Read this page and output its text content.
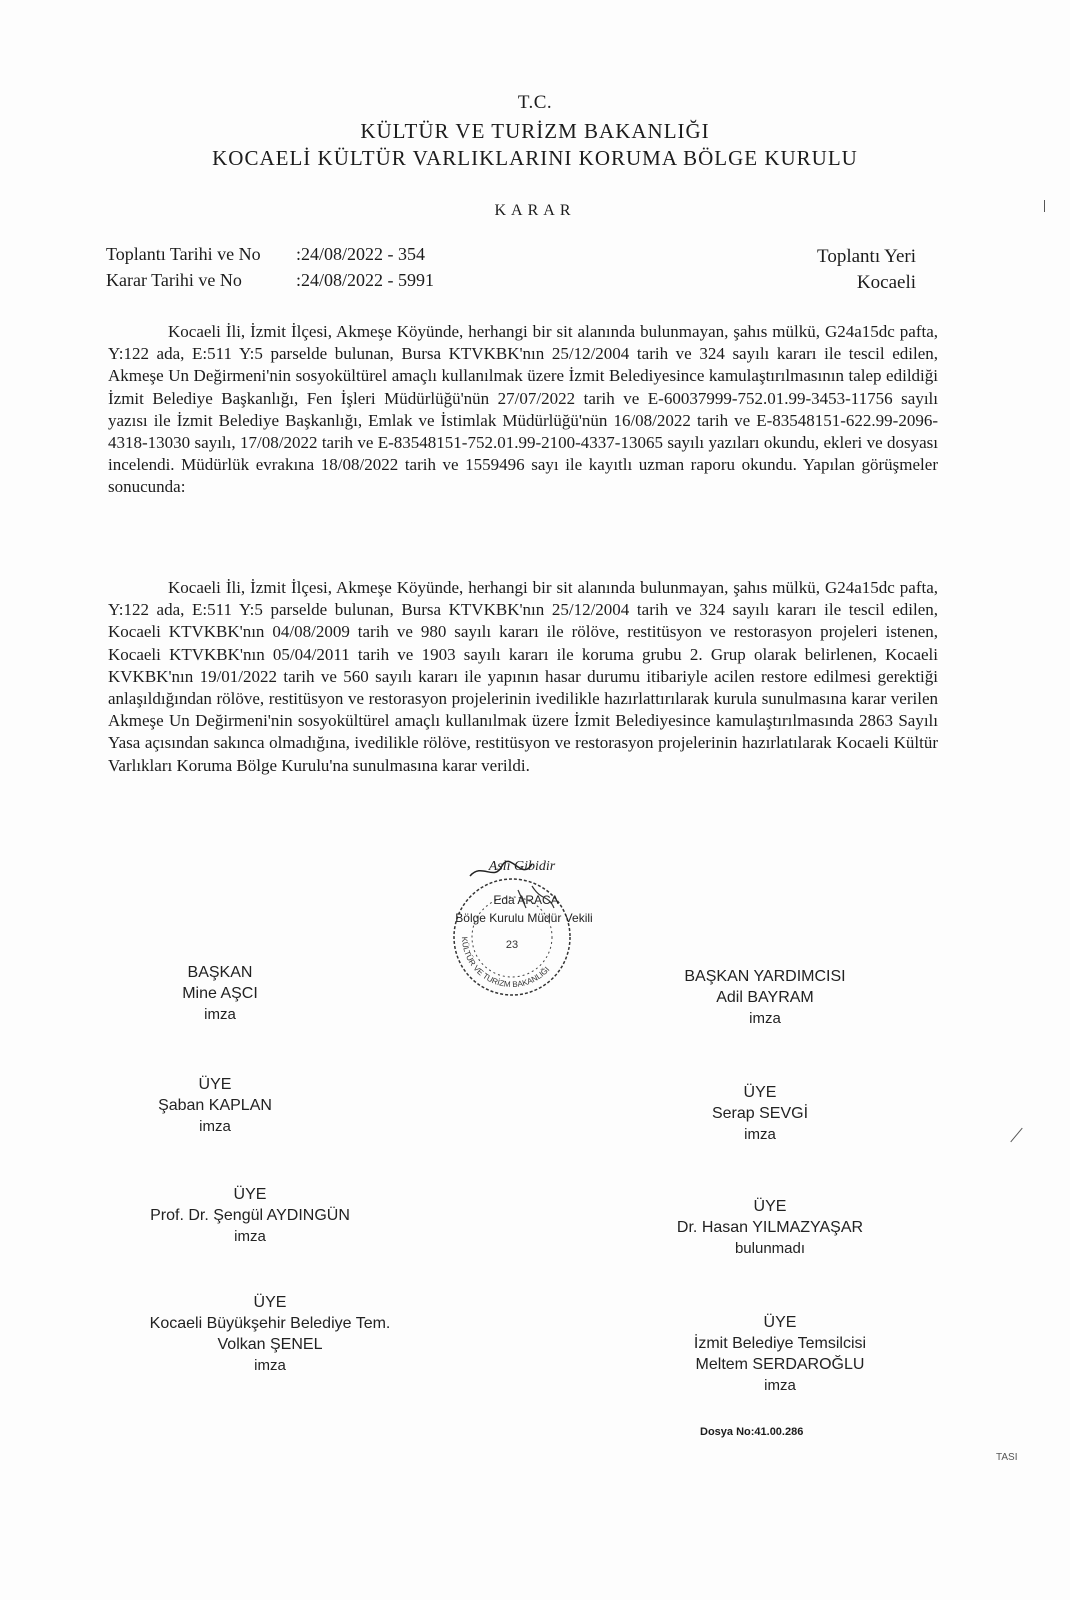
T.C.
KÜLTÜR VE TURİZM BAKANLIĞI
KOCAELİ KÜLTÜR VARLIKLARINI KORUMA BÖLGE KURULU
KARAR
Toplantı Tarihi ve No :24/08/2022 - 354
Karar Tarihi ve No	:24/08/2022 - 5991
Toplantı Yeri
Kocaeli

Kocaeli İli, İzmit İlçesi, Akmeşe Köyünde, herhangi bir sit alanında bulunmayan, şahıs mülkü, G24a15dc pafta, Y:122 ada, E:511 Y:5 parselde bulunan, Bursa KTVKBK'nın 25/12/2004 tarih ve 324 sayılı kararı ile tescil edilen, Akmeşe Un Değirmeni'nin sosyokültürel amaçlı kullanılmak üzere İzmit Belediyesince kamulaştırılmasının talep edildiği İzmit Belediye Başkanlığı, Fen İşleri Müdürlüğü'nün 27/07/2022 tarih ve E-60037999-752.01.99-3453-11756 sayılı yazısı ile İzmit Belediye Başkanlığı, Emlak ve İstimlak Müdürlüğü'nün 16/08/2022 tarih ve E-83548151-622.99-2096-4318-13030 sayılı, 17/08/2022 tarih ve E-83548151-752.01.99-2100-4337-13065 sayılı yazıları okundu, ekleri ve dosyası incelendi. Müdürlük evrakına 18/08/2022 tarih ve 1559496 sayı ile kayıtlı uzman raporu okundu. Yapılan görüşmeler sonucunda:

Kocaeli İli, İzmit İlçesi, Akmeşe Köyünde, herhangi bir sit alanında bulunmayan, şahıs mülkü, G24a15dc pafta, Y:122 ada, E:511 Y:5 parselde bulunan, Bursa KTVKBK'nın 25/12/2004 tarih ve 324 sayılı kararı ile tescil edilen, Kocaeli KTVKBK'nın 04/08/2009 tarih ve 980 sayılı kararı ile rölöve, restitüsyon ve restorasyon projeleri istenen, Kocaeli KTVKBK'nın 05/04/2011 tarih ve 1903 sayılı kararı ile koruma grubu 2. Grup olarak belirlenen, Kocaeli KVKBK'nın 19/01/2022 tarih ve 560 sayılı kararı ile yapının hasar durumu itibariyle acilen restore edilmesi gerektiği anlaşıldığından rölöve, restitüsyon ve restorasyon projelerinin ivedilikle hazırlattırılarak kurula sunulmasına karar verilen Akmeşe Un Değirmeni'nin sosyokültürel amaçlı kullanılmak üzere İzmit Belediyesince kamulaştırılmasında 2863 Sayılı Yasa açısından sakınca olmadığına, ivedilikle rölöve, restitüsyon ve restorasyon projelerinin hazırlatılarak Kocaeli Kültür Varlıkları Koruma Bölge Kurulu'na sunulmasına karar verildi.

KÜLTÜR VE TURİZM BAKANLIĞI
23
Aslı Gibidir
Eda ARACA
Bölge Kurulu Müdür Vekili
BAŞKAN
Mine AŞCI
imza
BAŞKAN YARDIMCISI
Adil BAYRAM
imza
ÜYE
Şaban KAPLAN
imza
ÜYE
Serap SEVGİ
imza
ÜYE
Prof. Dr. Şengül AYDINGÜN
imza
ÜYE
Dr. Hasan YILMAZYAŞAR
bulunmadı
ÜYE
Kocaeli Büyükşehir Belediye Tem.
Volkan ŞENEL
imza
ÜYE
İzmit Belediye Temsilcisi
Meltem SERDAROĞLU
imza
Dosya No:41.00.286
TASI
